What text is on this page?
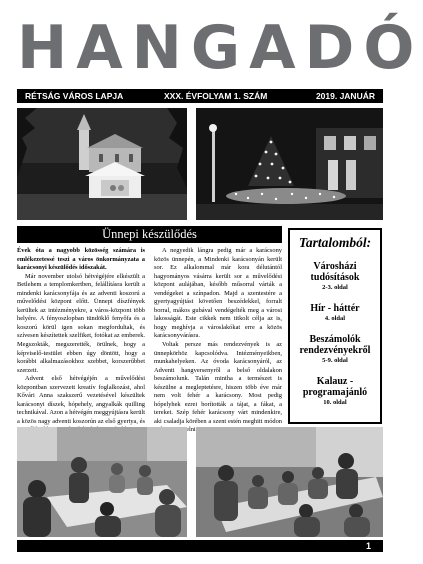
HANGADÓ
RÉTSÁG VÁROS LAPJA	XXX. ÉVFOLYAM 1. SZÁM	2019. JANUÁR
Ünnepi készülődés

Évek óta a nagyobb közösség számára is emlékezetessé teszi a város önkormányzata a karácsonyi készülődés időszakát.

Már november utolsó hétvégéjére elkészült a Betlehem a templomkertben, felállításra került a mindenki karácsonyfája és az adventi koszorú a művelődési központ előtt. Ünnepi díszfények kerültek az intézményekre, a város-központ több helyére. A fényoszlopban tündöklő fenyőfa és a koszorú körül igen sokan megfordultak, és szívesen készítettek szelfiket, fotókat az emberek. Megszokták, megszerették, örülnek, hogy a képviselő-testület ebben úgy döntött, hogy a korábbi alkalmazásokhoz szebbet, korszerűbbet szerzett.

Advent első hétvégéjén a művelődési központban szervezett kreatív foglalkozást, ahol Kővári Anna szakszerű vezetésével készültek karácsonyi díszek, hópehely, angyalkák quilling technikával. Azon a hétvégén meggyújtásra került a közös nagy adventi koszorún az első gyertya, és

A negyedik lángra pedig már a karácsony közös ünnepén, a Mindenki karácsonyán került sor. Ez alkalommal már kora délutántól hagyományos vásárra került sor a művelődési központ aulájában, később műsorral várták a vendégeket a színpadon. Majd a szentestére a gyertyagyújtást követően beszédekkel, forralt borral, mákos gubával vendégelték meg a városi lakosságát. Este cikkek nem titkolt célja az is, hogy meghívja a városlakókat erre a közös karácsonyvárásra.

Voltak persze más rendezvények is az ünnepkörhöz kapcsolódva. Intézményeikben, munkahelyeken. Az óvoda karácsonyáról, az Adventi hangversenyről a belső oldalakon beszámolunk. Talán mintha a természet is készülne a megleptetésre, hiszen több éve már nem volt fehér a karácsony. Most pedig hópelyhek ezrei borították a tájat, a fákat, a tereket. Szép fehér karácsony várt mindenkire, aki csaladja körében a szent estén meghitt módon

Tartalomból:
Városházi tudósítások
2-3. oldal
Hír - háttér
4. oldal
Beszámolók rendezvényekről
5-9. oldal
Kalauz - programajánló
10. oldal
1
